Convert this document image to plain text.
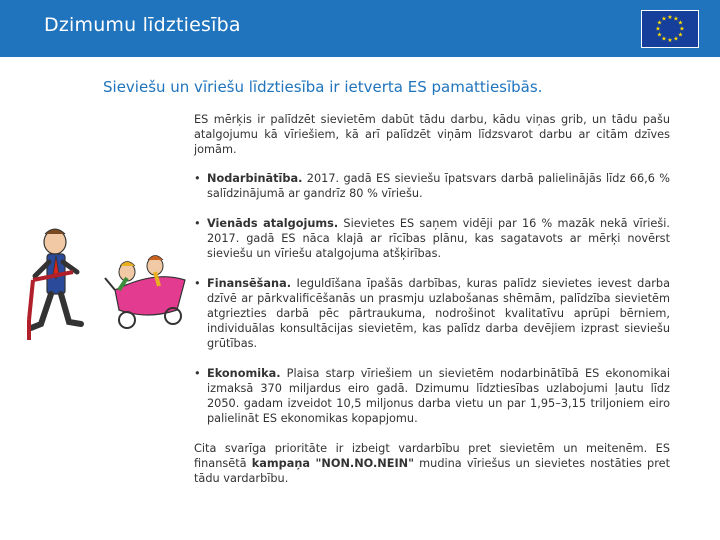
Dzimumu līdztiesība	★ ★
★
★
★
★
★
★
★
★
★
★
Sieviešu un vīriešu līdztiesība ir ietverta ES pamattiesībās.

ES mērķis ir palīdzēt sievietēm dabūt tādu darbu, kādu viņas grib, un tādu pašu atalgojumu kā vīriešiem, kā arī palīdzēt viņām līdzsvarot darbu ar citām dzīves jomām.

• Nodarbinātība. 2017. gadā ES sieviešu īpatsvars darbā palielinājās līdz 66,6 % salīdzinājumā ar gandrīz 80 % vīriešu.
• Vienāds atalgojums. Sievietes ES saņem vidēji par 16 % mazāk nekā vīrieši. 2017. gadā ES nāca klajā ar rīcības plānu, kas sagatavots ar mērķi novērst sieviešu un vīriešu atalgojuma atšķirības.
• Finansēšana. Ieguldīšana īpašās darbības, kuras palīdz sievietes ievest darba dzīvē ar pārkvalificēšanās un prasmju uzlabošanas shēmām, palīdzība sievietēm atgriezties darbā pēc pārtraukuma, nodrošinot kvalitatīvu aprūpi bērniem, individuālas konsultācijas sievietēm, kas palīdz darba devējiem izprast sieviešu grūtības.
• Ekonomika. Plaisa starp vīriešiem un sievietēm nodarbinātībā ES ekonomikai izmaksā 370 miljardus eiro gadā. Dzimumu līdztiesības uzlabojumi ļautu līdz 2050. gadam izveidot 10,5 miljonus darba vietu un par 1,95–3,15 triljoniem eiro palielināt ES ekonomikas kopapjomu.

Cita svarīga prioritāte ir izbeigt vardarbību pret sievietēm un meitenēm. ES finansētā kampaņa "NON.NO.NEIN" mudina vīriešus un sievietes nostāties pret tādu vardarbību.
